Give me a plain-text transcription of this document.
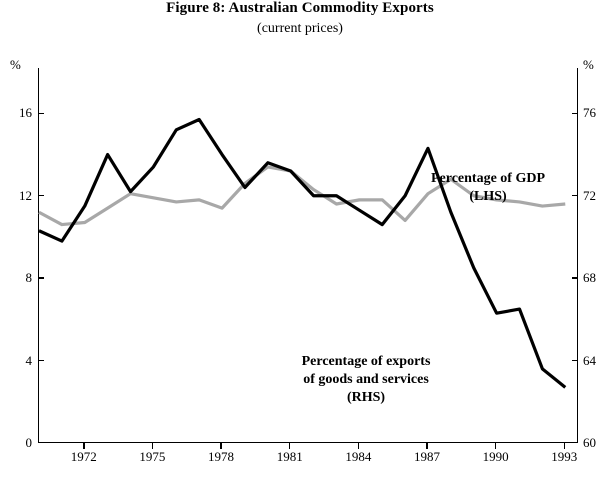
Figure 8: Australian Commodity Exports
(current prices)
%	%
0
4
8
12
16
60
64
68
72
76
1972	1975	1978	1981	1984	1987	1990	1993
Percentage of GDP
(LHS)
Percentage of exports
of goods and services
(RHS)
